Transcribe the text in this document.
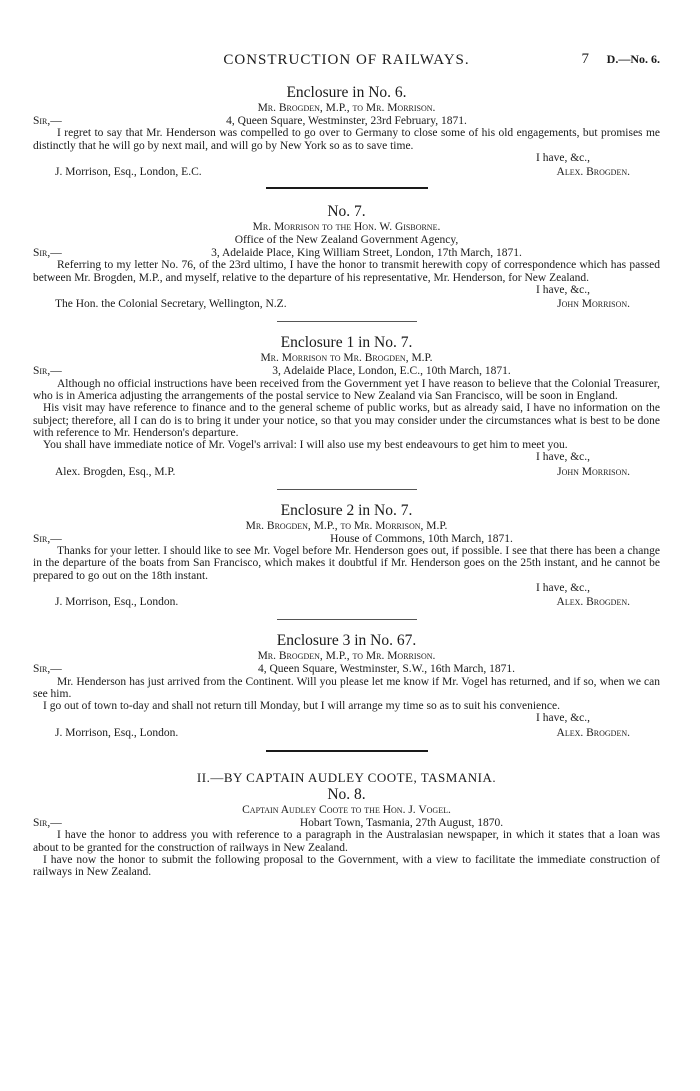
CONSTRUCTION OF RAILWAYS.	7 D.—No. 6.
Enclosure in No. 6.
Mr. Brogden, M.P., to Mr. Morrison.
Sir,—	4, Queen Square, Westminster, 23rd February, 1871.

I regret to say that Mr. Henderson was compelled to go over to Germany to close some of his old engagements, but promises me distinctly that he will go by next mail, and will go by New York so as to save time.

I have, &c.,
J. Morrison, Esq., London, E.C.	Alex. Brogden.
No. 7.
Mr. Morrison to the Hon. W. Gisborne.
Office of the New Zealand Government Agency,
Sir,—	3, Adelaide Place, King William Street, London, 17th March, 1871.

Referring to my letter No. 76, of the 23rd ultimo, I have the honor to transmit herewith copy of correspondence which has passed between Mr. Brogden, M.P., and myself, relative to the departure of his representative, Mr. Henderson, for New Zealand.

I have, &c.,
The Hon. the Colonial Secretary, Wellington, N.Z.	John Morrison.
Enclosure 1 in No. 7.
Mr. Morrison to Mr. Brogden, M.P.
Sir,—	3, Adelaide Place, London, E.C., 10th March, 1871.

Although no official instructions have been received from the Government yet I have reason to believe that the Colonial Treasurer, who is in America adjusting the arrangements of the postal service to New Zealand via San Francisco, will be soon in England.

His visit may have reference to finance and to the general scheme of public works, but as already said, I have no information on the subject; therefore, all I can do is to bring it under your notice, so that you may consider under the circumstances what is best to be done with reference to Mr. Henderson's departure.

You shall have immediate notice of Mr. Vogel's arrival: I will also use my best endeavours to get him to meet you.

I have, &c.,
Alex. Brogden, Esq., M.P.	John Morrison.
Enclosure 2 in No. 7.
Mr. Brogden, M.P., to Mr. Morrison, M.P.
Sir,—	House of Commons, 10th March, 1871.

Thanks for your letter. I should like to see Mr. Vogel before Mr. Henderson goes out, if possible. I see that there has been a change in the departure of the boats from San Francisco, which makes it doubtful if Mr. Henderson goes on the 25th instant, and he cannot be prepared to go out on the 18th instant.

I have, &c.,
J. Morrison, Esq., London.	Alex. Brogden.
Enclosure 3 in No. 67.
Mr. Brogden, M.P., to Mr. Morrison.
Sir,—	4, Queen Square, Westminster, S.W., 16th March, 1871.

Mr. Henderson has just arrived from the Continent. Will you please let me know if Mr. Vogel has returned, and if so, when we can see him.

I go out of town to-day and shall not return till Monday, but I will arrange my time so as to suit his convenience.

I have, &c.,
J. Morrison, Esq., London.	Alex. Brogden.
II.—BY CAPTAIN AUDLEY COOTE, TASMANIA.
No. 8.
Captain Audley Coote to the Hon. J. Vogel.
Sir,—	Hobart Town, Tasmania, 27th August, 1870.

I have the honor to address you with reference to a paragraph in the Australasian newspaper, in which it states that a loan was about to be granted for the construction of railways in New Zealand.

I have now the honor to submit the following proposal to the Government, with a view to facilitate the immediate construction of railways in New Zealand.
